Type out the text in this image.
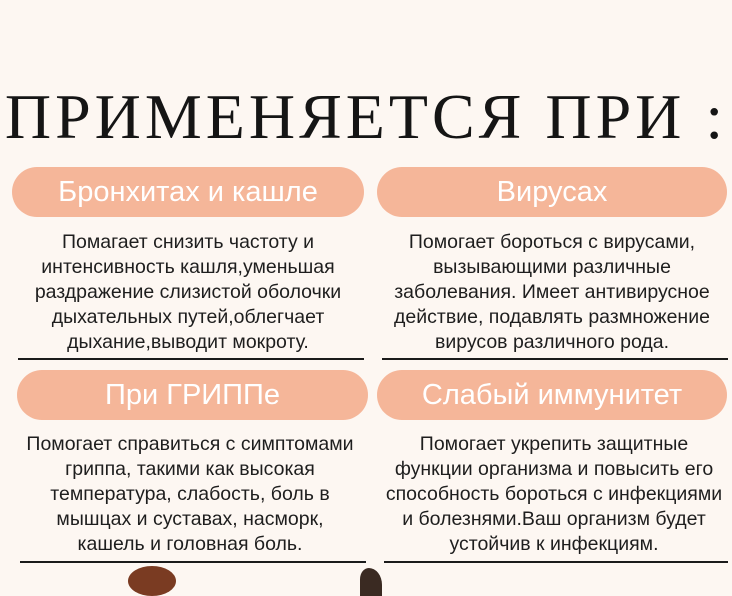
ПРИМЕНЯЕТСЯ ПРИ :
Бронхитах и кашле
Помагает снизить частоту и
интенсивность кашля,уменьшая
раздражение слизистой оболочки
дыхательных путей,облегчает
дыхание,выводит мокроту.
Вирусах
Помогает бороться с вирусами,
вызывающими различные
заболевания. Имеет антивирусное
действие, подавлять размножение
вирусов различного рода.
При ГРИППе
Помогает справиться с симптомами
гриппа, такими как высокая
температура, слабость, боль в
мышцах и суставах, насморк,
кашель и головная боль.
Слабый иммунитет
Помогает укрепить защитные
функции организма и повысить его
способность бороться с инфекциями
и болезнями.Ваш организм будет
устойчив к инфекциям.
